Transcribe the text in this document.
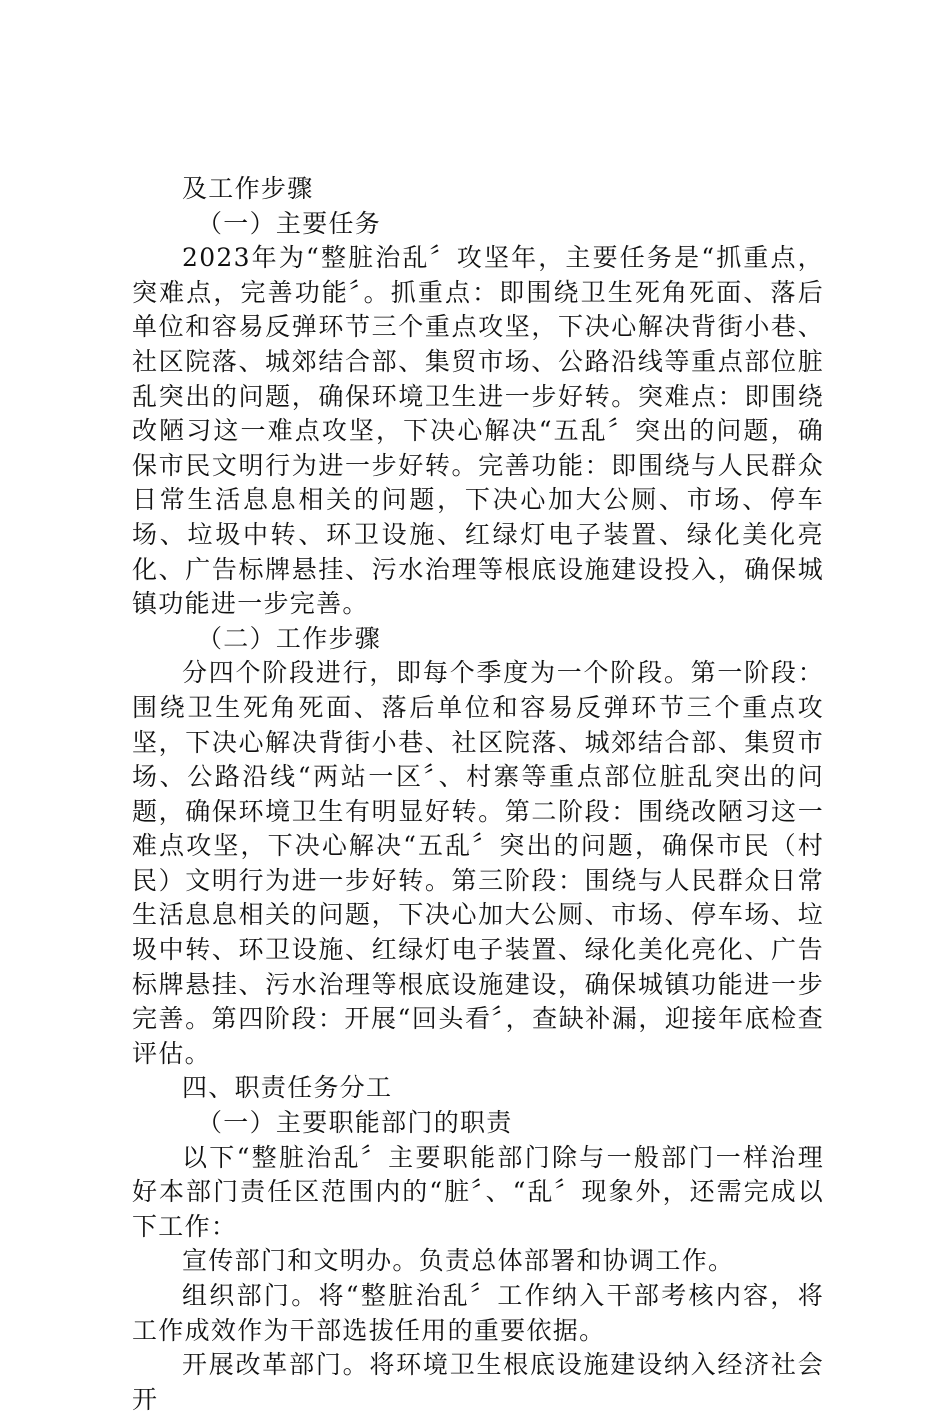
及工作步骤

（一）主要任务

2023年为“整脏治乱〞攻坚年，主要任务是“抓重点，突难点，完善功能〞。抓重点：即围绕卫生死角死面、落后单位和容易反弹环节三个重点攻坚，下决心解决背街小巷、社区院落、城郊结合部、集贸市场、公路沿线等重点部位脏乱突出的问题，确保环境卫生进一步好转。突难点：即围绕改陋习这一难点攻坚，下决心解决“五乱〞突出的问题，确保市民文明行为进一步好转。完善功能：即围绕与人民群众日常生活息息相关的问题，下决心加大公厕、市场、停车场、垃圾中转、环卫设施、红绿灯电子装置、绿化美化亮化、广告标牌悬挂、污水治理等根底设施建设投入，确保城镇功能进一步完善。

（二）工作步骤

分四个阶段进行，即每个季度为一个阶段。第一阶段：围绕卫生死角死面、落后单位和容易反弹环节三个重点攻坚，下决心解决背街小巷、社区院落、城郊结合部、集贸市场、公路沿线“两站一区〞、村寨等重点部位脏乱突出的问题，确保环境卫生有明显好转。第二阶段：围绕改陋习这一难点攻坚，下决心解决“五乱〞突出的问题，确保市民（村民）文明行为进一步好转。第三阶段：围绕与人民群众日常生活息息相关的问题，下决心加大公厕、市场、停车场、垃圾中转、环卫设施、红绿灯电子装置、绿化美化亮化、广告标牌悬挂、污水治理等根底设施建设，确保城镇功能进一步完善。第四阶段：开展“回头看〞，查缺补漏，迎接年底检查评估。

四、职责任务分工

（一）主要职能部门的职责

以下“整脏治乱〞主要职能部门除与一般部门一样治理好本部门责任区范围内的“脏〞、“乱〞现象外，还需完成以下工作：

宣传部门和文明办。负责总体部署和协调工作。

组织部门。将“整脏治乱〞工作纳入干部考核内容，将工作成效作为干部选拔任用的重要依据。

开展改革部门。将环境卫生根底设施建设纳入经济社会开
